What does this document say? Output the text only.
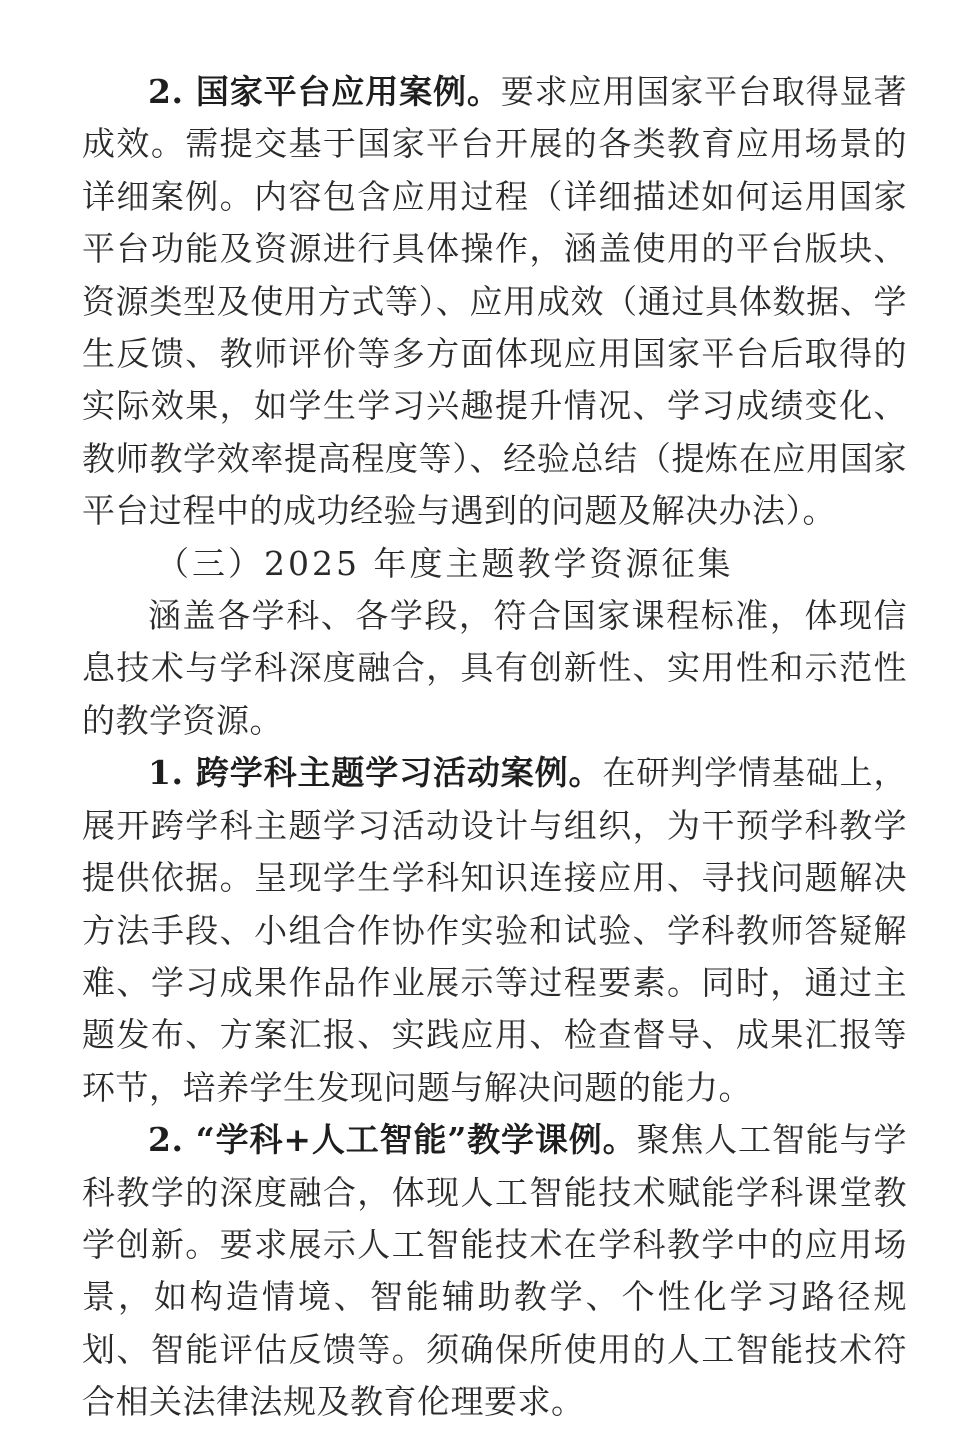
2. 国家平台应用案例。要求应用国家平台取得显著成效。需提交基于国家平台开展的各类教育应用场景的详细案例。内容包含应用过程（详细描述如何运用国家平台功能及资源进行具体操作，涵盖使用的平台版块、资源类型及使用方式等）、应用成效（通过具体数据、学生反馈、教师评价等多方面体现应用国家平台后取得的实际效果，如学生学习兴趣提升情况、学习成绩变化、教师教学效率提高程度等）、经验总结（提炼在应用国家平台过程中的成功经验与遇到的问题及解决办法）。

（三）2025 年度主题教学资源征集

涵盖各学科、各学段，符合国家课程标准，体现信息技术与学科深度融合，具有创新性、实用性和示范性的教学资源。

1. 跨学科主题学习活动案例。在研判学情基础上，展开跨学科主题学习活动设计与组织，为干预学科教学提供依据。呈现学生学科知识连接应用、寻找问题解决方法手段、小组合作协作实验和试验、学科教师答疑解难、学习成果作品作业展示等过程要素。同时，通过主题发布、方案汇报、实践应用、检查督导、成果汇报等环节，培养学生发现问题与解决问题的能力。

2. “学科+人工智能”教学课例。聚焦人工智能与学科教学的深度融合，体现人工智能技术赋能学科课堂教学创新。要求展示人工智能技术在学科教学中的应用场景，如构造情境、智能辅助教学、个性化学习路径规划、智能评估反馈等。须确保所使用的人工智能技术符合相关法律法规及教育伦理要求。
